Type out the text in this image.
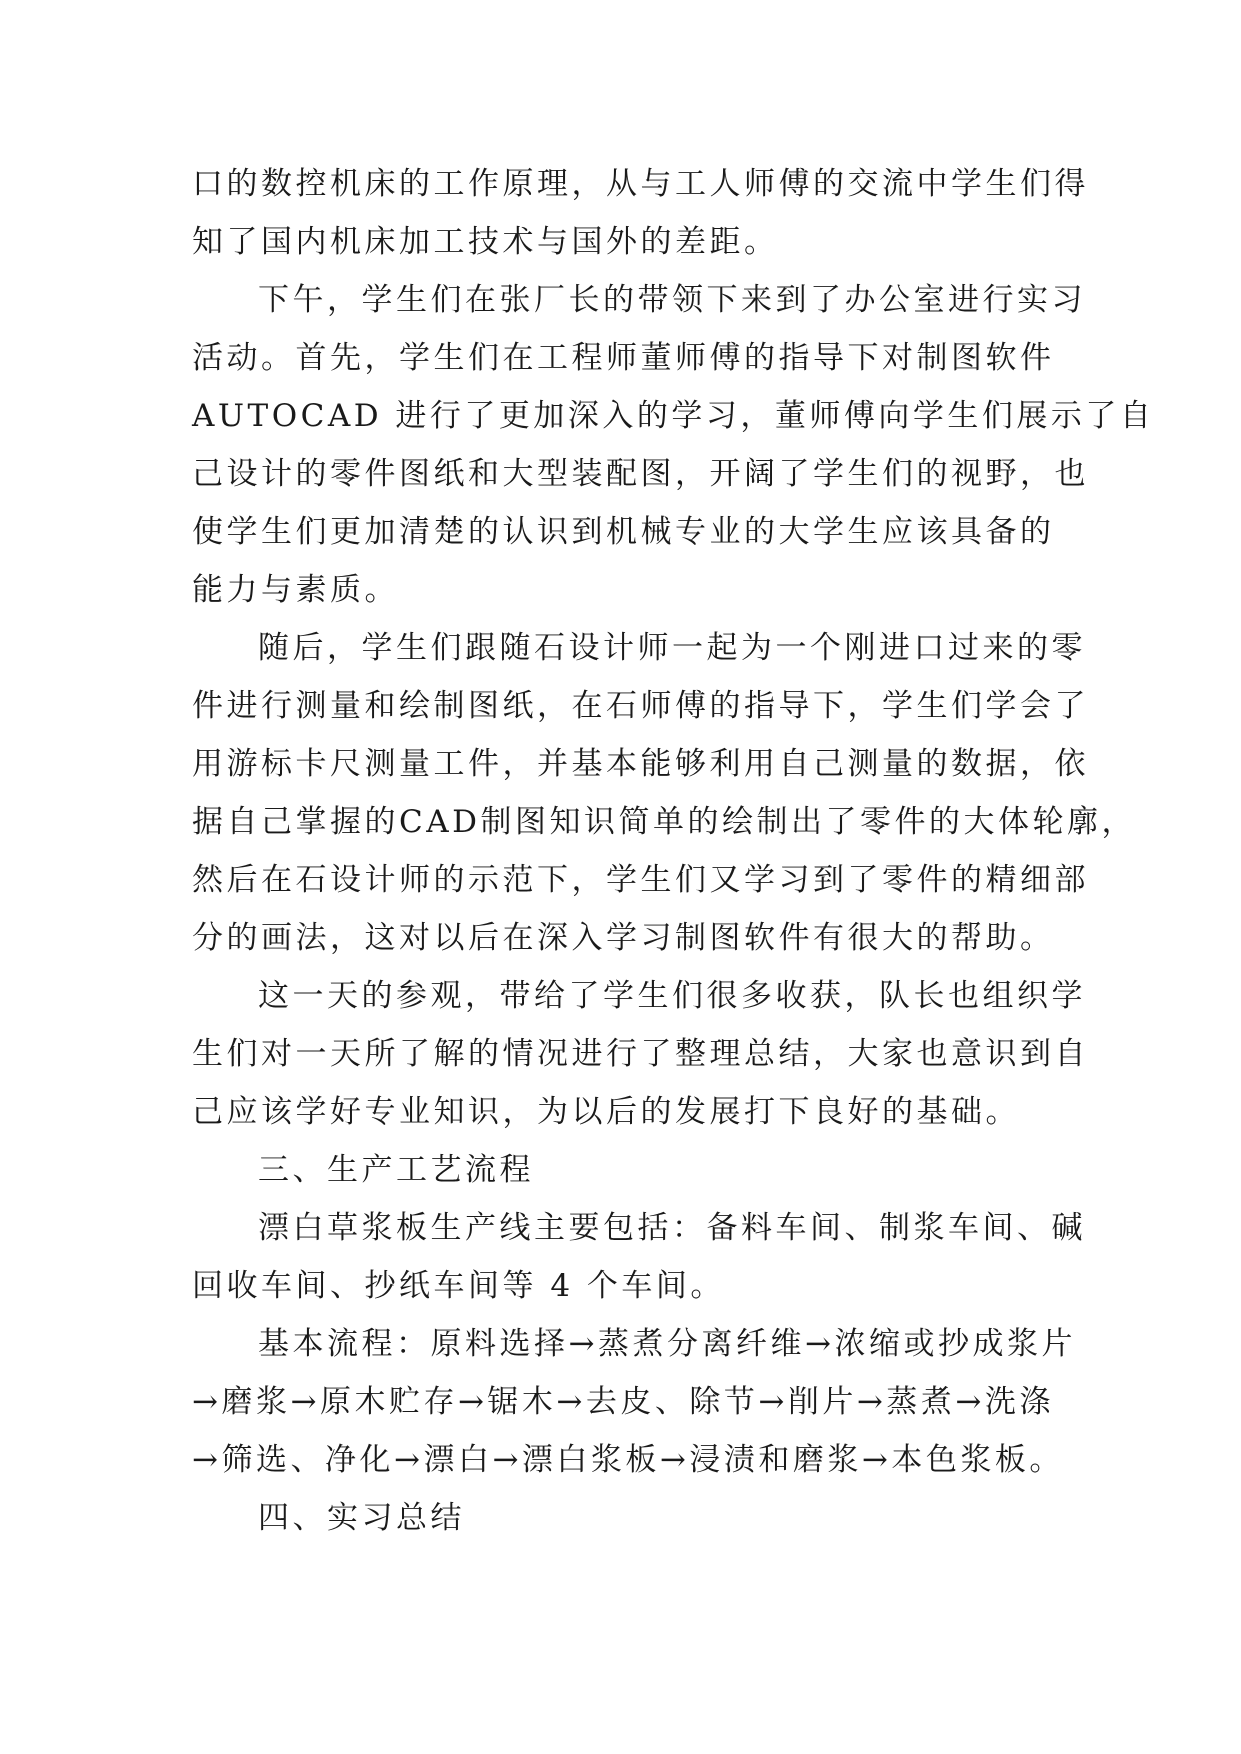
口的数控机床的工作原理，从与工人师傅的交流中学生们得
知了国内机床加工技术与国外的差距。
下午，学生们在张厂长的带领下来到了办公室进行实习
活动。首先，学生们在工程师董师傅的指导下对制图软件
AUTOCAD 进行了更加深入的学习，董师傅向学生们展示了自
己设计的零件图纸和大型装配图，开阔了学生们的视野，也
使学生们更加清楚的认识到机械专业的大学生应该具备的
能力与素质。
随后，学生们跟随石设计师一起为一个刚进口过来的零
件进行测量和绘制图纸，在石师傅的指导下，学生们学会了
用游标卡尺测量工件，并基本能够利用自己测量的数据，依
据自己掌握的CAD制图知识简单的绘制出了零件的大体轮廓，
然后在石设计师的示范下，学生们又学习到了零件的精细部
分的画法，这对以后在深入学习制图软件有很大的帮助。
这一天的参观，带给了学生们很多收获，队长也组织学
生们对一天所了解的情况进行了整理总结，大家也意识到自
己应该学好专业知识，为以后的发展打下良好的基础。
三、生产工艺流程
漂白草浆板生产线主要包括：备料车间、制浆车间、碱
回收车间、抄纸车间等 4 个车间。
基本流程：原料选择→蒸煮分离纤维→浓缩或抄成浆片
→磨浆→原木贮存→锯木→去皮、除节→削片→蒸煮→洗涤
→筛选、净化→漂白→漂白浆板→浸渍和磨浆→本色浆板。
四、实习总结
